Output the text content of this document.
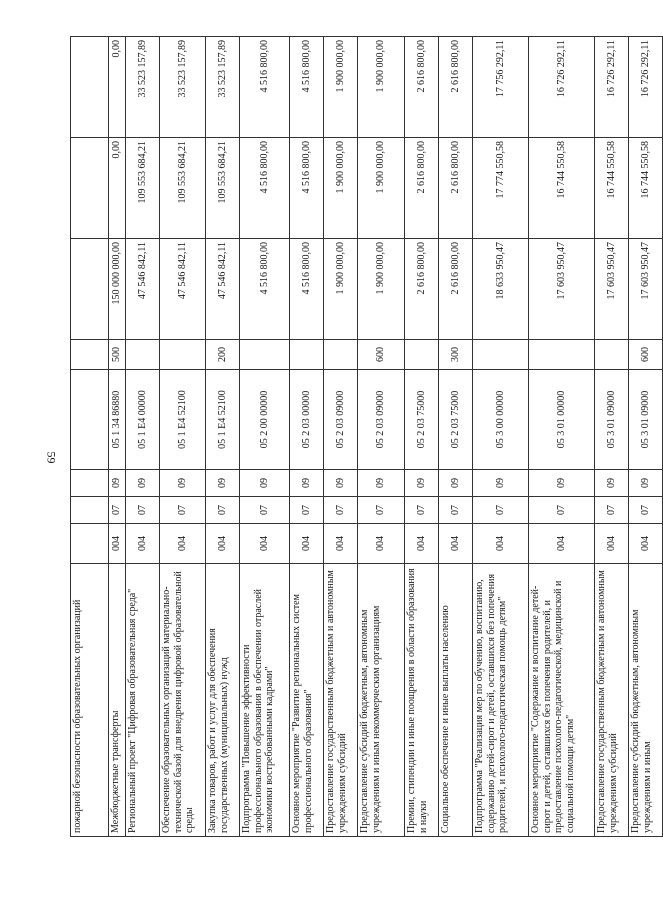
59
пожарной безопасности образовательных организаций								
Межбюджетные трансферты	004	07	09	05 1 34 86880	500	150 000 000,00	0,00	0,00
Региональный проект "Цифровая образовательная среда"	004	07	09	05 1 E4 00000		47 546 842,11	109 553 684,21	33 523 157,89
Обеспечение образовательных организаций материально-технической базой для внедрения цифровой образовательной среды	004	07	09	05 1 E4 52100		47 546 842,11	109 553 684,21	33 523 157,89
Закупка товаров, работ и услуг для обеспечения государственных (муниципальных) нужд	004	07	09	05 1 E4 52100	200	47 546 842,11	109 553 684,21	33 523 157,89
Подпрограмма "Повышение эффективности профессионального образования в обеспечении отраслей экономики востребованными кадрами"	004	07	09	05 2 00 00000		4 516 800,00	4 516 800,00	4 516 800,00
Основное мероприятие "Развитие региональных систем профессионального образования"	004	07	09	05 2 03 00000		4 516 800,00	4 516 800,00	4 516 800,00
Предоставление государственным бюджетным и автономным учреждениям субсидий	004	07	09	05 2 03 09000		1 900 000,00	1 900 000,00	1 900 000,00
Предоставление субсидий бюджетным, автономным учреждениям и иным некоммерческим организациям	004	07	09	05 2 03 09000	600	1 900 000,00	1 900 000,00	1 900 000,00
Премии, стипендии и иные поощрения в области образования и науки	004	07	09	05 2 03 75000		2 616 800,00	2 616 800,00	2 616 800,00
Социальное обеспечение и иные выплаты населению	004	07	09	05 2 03 75000	300	2 616 800,00	2 616 800,00	2 616 800,00
Подпрограмма "Реализация мер по обучению, воспитанию, содержанию детей-сирот и детей, оставшихся без попечения родителей, и психолого-педагогическая помощь детям"	004	07	09	05 3 00 00000		18 633 950,47	17 774 550,58	17 756 292,11
Основное мероприятие "Содержание и воспитание детей-сирот и детей, оставшихся без попечения родителей, и предоставление психолого-педагогической, медицинской и социальной помощи детям"	004	07	09	05 3 01 00000		17 603 950,47	16 744 550,58	16 726 292,11
Предоставление государственным бюджетным и автономным учреждениям субсидий	004	07	09	05 3 01 09000		17 603 950,47	16 744 550,58	16 726 292,11
Предоставление субсидий бюджетным, автономным учреждениям и иным	004	07	09	05 3 01 09000	600	17 603 950,47	16 744 550,58	16 726 292,11
